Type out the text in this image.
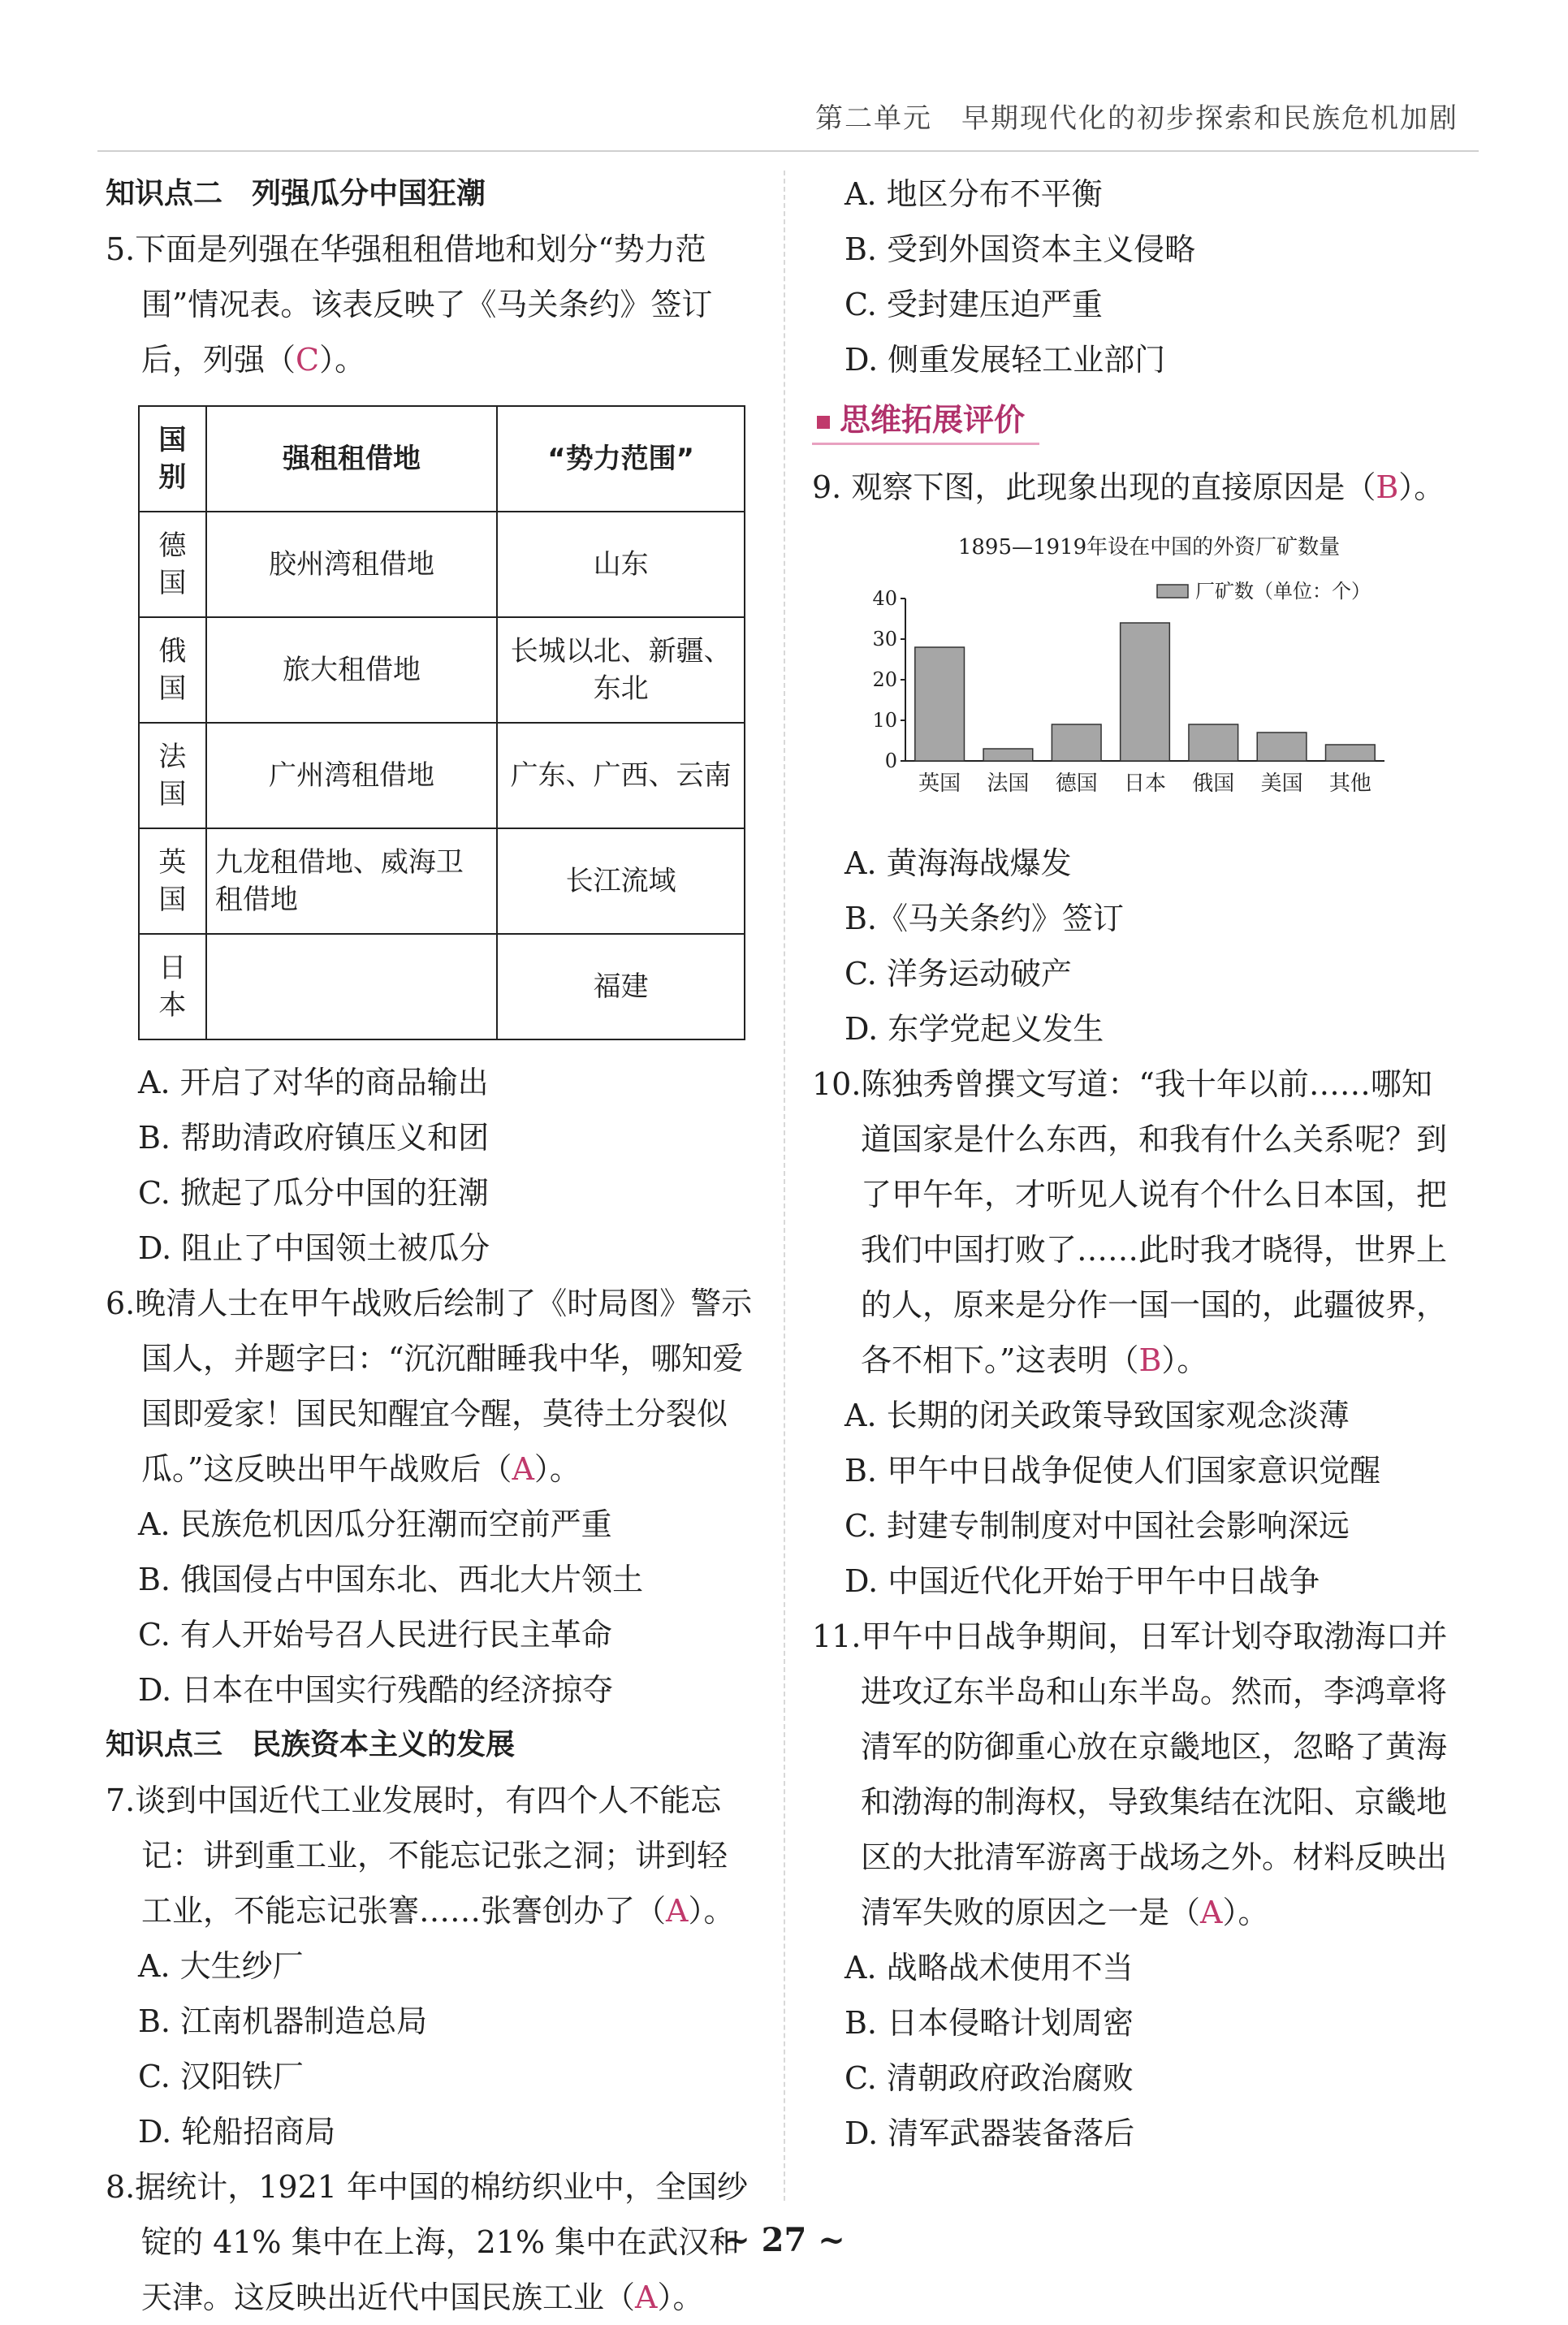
第二单元　早期现代化的初步探索和民族危机加剧
知识点二　列强瓜分中国狂潮
5.下面是列强在华强租租借地和划分“势力范围”情况表。该表反映了《马关条约》签订后，列强（C）。
国别	强租租借地	“势力范围”
德国	胶州湾租借地	山东
俄国	旅大租借地	长城以北、新疆、东北
法国	广州湾租借地	广东、广西、云南
英国	九龙租借地、威海卫租借地	长江流域
日本		福建
A. 开启了对华的商品输出
B. 帮助清政府镇压义和团
C. 掀起了瓜分中国的狂潮
D. 阻止了中国领土被瓜分
6.晚清人士在甲午战败后绘制了《时局图》警示国人，并题字曰：“沉沉酣睡我中华，哪知爱国即爱家！国民知醒宜今醒，莫待土分裂似瓜。”这反映出甲午战败后（A）。
A. 民族危机因瓜分狂潮而空前严重
B. 俄国侵占中国东北、西北大片领土
C. 有人开始号召人民进行民主革命
D. 日本在中国实行残酷的经济掠夺
知识点三　民族资本主义的发展
7.谈到中国近代工业发展时，有四个人不能忘记：讲到重工业，不能忘记张之洞；讲到轻工业，不能忘记张謇……张謇创办了（A）。
A. 大生纱厂
B. 江南机器制造总局
C. 汉阳铁厂
D. 轮船招商局
8.据统计，1921 年中国的棉纺织业中，全国纱锭的 41% 集中在上海，21% 集中在武汉和天津。这反映出近代中国民族工业（A）。
A. 地区分布不平衡
B. 受到外国资本主义侵略
C. 受封建压迫严重
D. 侧重发展轻工业部门
思维拓展评价
9. 观察下图，此现象出现的直接原因是（B）。
1895—1919年设在中国的外资厂矿数量
0
10
20
30
40
英国 法国 德国 日本 俄国 美国 其他
厂矿数（单位：个）
A. 黄海海战爆发
B.《马关条约》签订
C. 洋务运动破产
D. 东学党起义发生
10.陈独秀曾撰文写道：“我十年以前……哪知道国家是什么东西，和我有什么关系呢？到了甲午年，才听见人说有个什么日本国，把我们中国打败了……此时我才晓得，世界上的人，原来是分作一国一国的，此疆彼界，各不相下。”这表明（B）。
A. 长期的闭关政策导致国家观念淡薄
B. 甲午中日战争促使人们国家意识觉醒
C. 封建专制制度对中国社会影响深远
D. 中国近代化开始于甲午中日战争
11.甲午中日战争期间，日军计划夺取渤海口并进攻辽东半岛和山东半岛。然而，李鸿章将清军的防御重心放在京畿地区，忽略了黄海和渤海的制海权，导致集结在沈阳、京畿地区的大批清军游离于战场之外。材料反映出清军失败的原因之一是（A）。
A. 战略战术使用不当
B. 日本侵略计划周密
C. 清朝政府政治腐败
D. 清军武器装备落后
~ 27 ~
